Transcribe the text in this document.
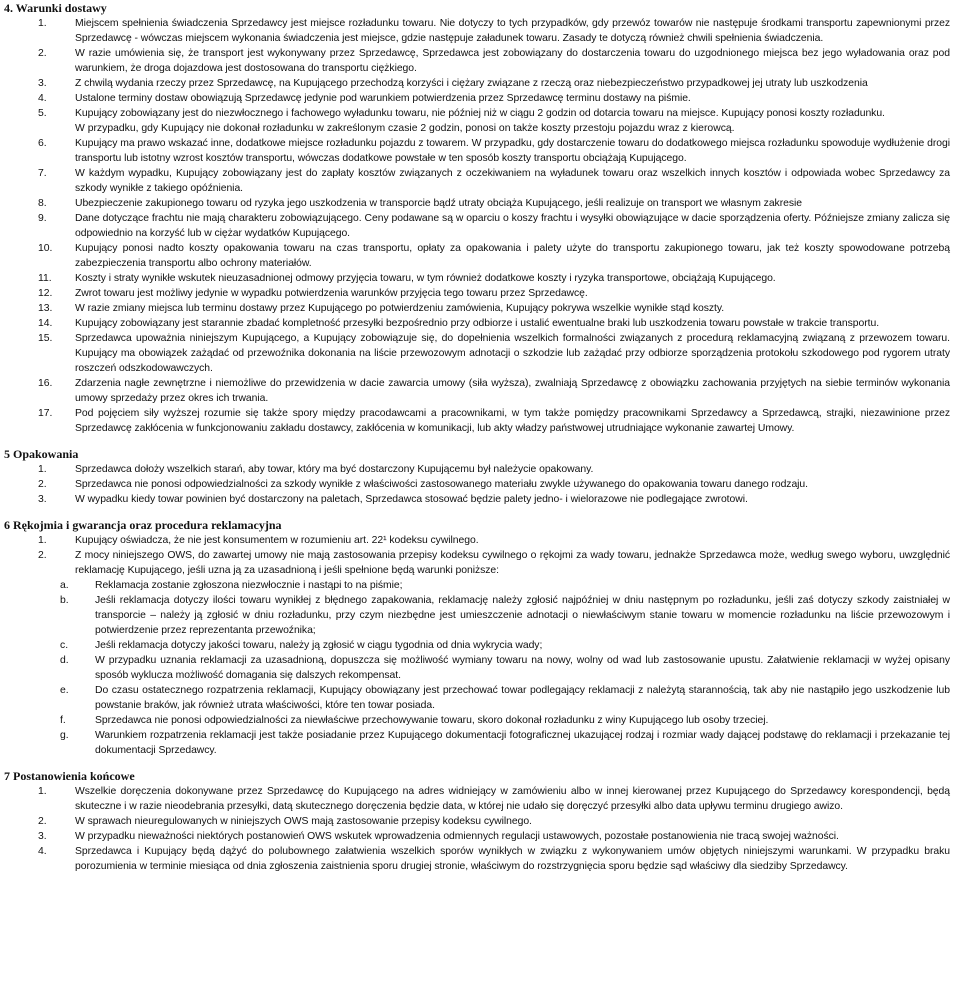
4. Warunki dostawy
1.	Miejscem spełnienia świadczenia Sprzedawcy jest miejsce rozładunku towaru. Nie dotyczy to tych przypadków, gdy przewóz towarów nie następuje środkami transportu zapewnionymi przez Sprzedawcę - wówczas miejscem wykonania świadczenia jest miejsce, gdzie następuje załadunek towaru. Zasady te dotyczą również chwili spełnienia świadczenia.
2.	W razie umówienia się, że transport jest wykonywany przez Sprzedawcę, Sprzedawca jest zobowiązany do dostarczenia towaru do uzgodnionego miejsca bez jego wyładowania oraz pod warunkiem, że droga dojazdowa jest dostosowana do transportu ciężkiego.
3.	Z chwilą wydania rzeczy przez Sprzedawcę, na Kupującego przechodzą korzyści i ciężary związane z rzeczą oraz niebezpieczeństwo przypadkowej jej utraty lub uszkodzenia
4.	Ustalone terminy dostaw obowiązują Sprzedawcę jedynie pod warunkiem potwierdzenia przez Sprzedawcę terminu dostawy na piśmie.
5.	Kupujący zobowiązany jest do niezwłocznego i fachowego wyładunku towaru, nie później niż w ciągu 2 godzin od dotarcia towaru na miejsce. Kupujący ponosi koszty rozładunku.
W przypadku, gdy Kupujący nie dokonał rozładunku w zakreślonym czasie 2 godzin, ponosi on także koszty przestoju pojazdu wraz z kierowcą.
6.	Kupujący ma prawo wskazać inne, dodatkowe miejsce rozładunku pojazdu z towarem. W przypadku, gdy dostarczenie towaru do dodatkowego miejsca rozładunku spowoduje wydłużenie drogi transportu lub istotny wzrost kosztów transportu, wówczas dodatkowe powstałe w ten sposób koszty transportu obciążają Kupującego.
7.	W każdym wypadku, Kupujący zobowiązany jest do zapłaty kosztów związanych z oczekiwaniem na wyładunek towaru oraz wszelkich innych kosztów i odpowiada wobec Sprzedawcy za szkody wynikłe z takiego opóźnienia.
8.	Ubezpieczenie zakupionego towaru od ryzyka jego uszkodzenia w transporcie bądź utraty obciąża Kupującego, jeśli realizuje on transport we własnym zakresie
9.	Dane dotyczące frachtu nie mają charakteru zobowiązującego. Ceny podawane są w oparciu o koszy frachtu i wysyłki obowiązujące w dacie sporządzenia oferty. Późniejsze zmiany zalicza się odpowiednio na korzyść lub w ciężar wydatków Kupującego.
10. Kupujący ponosi nadto koszty opakowania towaru na czas transportu, opłaty za opakowania i palety użyte do transportu zakupionego towaru, jak też koszty spowodowane potrzebą zabezpieczenia transportu albo ochrony materiałów.
11. Koszty i straty wynikłe wskutek nieuzasadnionej odmowy przyjęcia towaru, w tym również dodatkowe koszty i ryzyka transportowe, obciążają Kupującego.
12. Zwrot towaru jest możliwy jedynie w wypadku potwierdzenia warunków przyjęcia tego towaru przez Sprzedawcę.
13. W razie zmiany miejsca lub terminu dostawy przez Kupującego po potwierdzeniu zamówienia, Kupujący pokrywa wszelkie wynikłe stąd koszty.
14. Kupujący zobowiązany jest starannie zbadać kompletność przesyłki bezpośrednio przy odbiorze i ustalić ewentualne braki lub uszkodzenia towaru powstałe w trakcie transportu.
15. Sprzedawca upoważnia niniejszym Kupującego, a Kupujący zobowiązuje się, do dopełnienia wszelkich formalności związanych z procedurą reklamacyjną związaną z przewozem towaru. Kupujący ma obowiązek zażądać od przewoźnika dokonania na liście przewozowym adnotacji o szkodzie lub zażądać przy odbiorze sporządzenia protokołu szkodowego pod rygorem utraty roszczeń odszkodowawczych.
16. Zdarzenia nagłe zewnętrzne i niemożliwe do przewidzenia w dacie zawarcia umowy (siła wyższa), zwalniają Sprzedawcę z obowiązku zachowania przyjętych na siebie terminów wykonania umowy sprzedaży przez okres ich trwania.
17. Pod pojęciem siły wyższej rozumie się także spory między pracodawcami a pracownikami, w tym także pomiędzy pracownikami Sprzedawcy a Sprzedawcą, strajki, niezawinione przez Sprzedawcę zakłócenia w funkcjonowaniu zakładu dostawcy, zakłócenia w komunikacji, lub akty władzy państwowej utrudniające wykonanie zawartej Umowy.
5 Opakowania
1.	Sprzedawca dołoży wszelkich starań, aby towar, który ma być dostarczony Kupującemu był należycie opakowany.
2.	Sprzedawca nie ponosi odpowiedzialności za szkody wynikłe z właściwości zastosowanego materiału zwykle używanego do opakowania towaru danego rodzaju.
3.	W wypadku kiedy towar powinien być dostarczony na paletach, Sprzedawca stosować będzie palety jedno- i wielorazowe nie podlegające zwrotowi.
6 Rękojmia i gwarancja oraz procedura reklamacyjna
1.	Kupujący oświadcza, że nie jest konsumentem w rozumieniu art. 22¹ kodeksu cywilnego.
2.	Z mocy niniejszego OWS, do zawartej umowy nie mają zastosowania przepisy kodeksu cywilnego o rękojmi za wady towaru, jednakże Sprzedawca może, według swego wyboru, uwzględnić reklamację Kupującego, jeśli uzna ją za uzasadnioną i jeśli spełnione będą warunki poniższe:
a.	Reklamacja zostanie zgłoszona niezwłocznie i nastąpi to na piśmie;
b.	Jeśli reklamacja dotyczy ilości towaru wynikłej z błędnego zapakowania, reklamację należy zgłosić najpóźniej w dniu następnym po rozładunku, jeśli zaś dotyczy szkody zaistniałej w transporcie – należy ją zgłosić w dniu rozładunku, przy czym niezbędne jest umieszczenie adnotacji o niewłaściwym stanie towaru w momencie rozładunku na liście przewozowym i potwierdzenie przez reprezentanta przewoźnika;
c.	Jeśli reklamacja dotyczy jakości towaru, należy ją zgłosić w ciągu tygodnia od dnia wykrycia wady;
d.	W przypadku uznania reklamacji za uzasadnioną, dopuszcza się możliwość wymiany towaru na nowy, wolny od wad lub zastosowanie upustu. Załatwienie reklamacji w wyżej opisany sposób wyklucza możliwość domagania się dalszych rekompensat.
e.	Do czasu ostatecznego rozpatrzenia reklamacji, Kupujący obowiązany jest przechować towar podlegający reklamacji z należytą starannością, tak aby nie nastąpiło jego uszkodzenie lub powstanie braków, jak również utrata właściwości, które ten towar posiada.
f.	Sprzedawca nie ponosi odpowiedzialności za niewłaściwe przechowywanie towaru, skoro dokonał rozładunku z winy Kupującego lub osoby trzeciej.
g.	Warunkiem rozpatrzenia reklamacji jest także posiadanie przez Kupującego dokumentacji fotograficznej ukazującej rodzaj i rozmiar wady dającej podstawę do reklamacji i przekazanie tej dokumentacji Sprzedawcy.
7 Postanowienia końcowe
1.	Wszelkie doręczenia dokonywane przez Sprzedawcę do Kupującego na adres widniejący w zamówieniu albo w innej kierowanej przez Kupującego do Sprzedawcy korespondencji, będą skuteczne i w razie nieodebrania przesyłki, datą skutecznego doręczenia będzie data, w której nie udało się doręczyć przesyłki albo data upływu terminu drugiego awizo.
2.	W sprawach nieuregulowanych w niniejszych OWS mają zastosowanie przepisy kodeksu cywilnego.
3.	W przypadku nieważności niektórych postanowień OWS wskutek wprowadzenia odmiennych regulacji ustawowych, pozostałe postanowienia nie tracą swojej ważności.
4.	Sprzedawca i Kupujący będą dążyć do polubownego załatwienia wszelkich sporów wynikłych w związku z wykonywaniem umów objętych niniejszymi warunkami. W przypadku braku porozumienia w terminie miesiąca od dnia zgłoszenia zaistnienia sporu drugiej stronie, właściwym do rozstrzygnięcia sporu będzie sąd właściwy dla siedziby Sprzedawcy.
